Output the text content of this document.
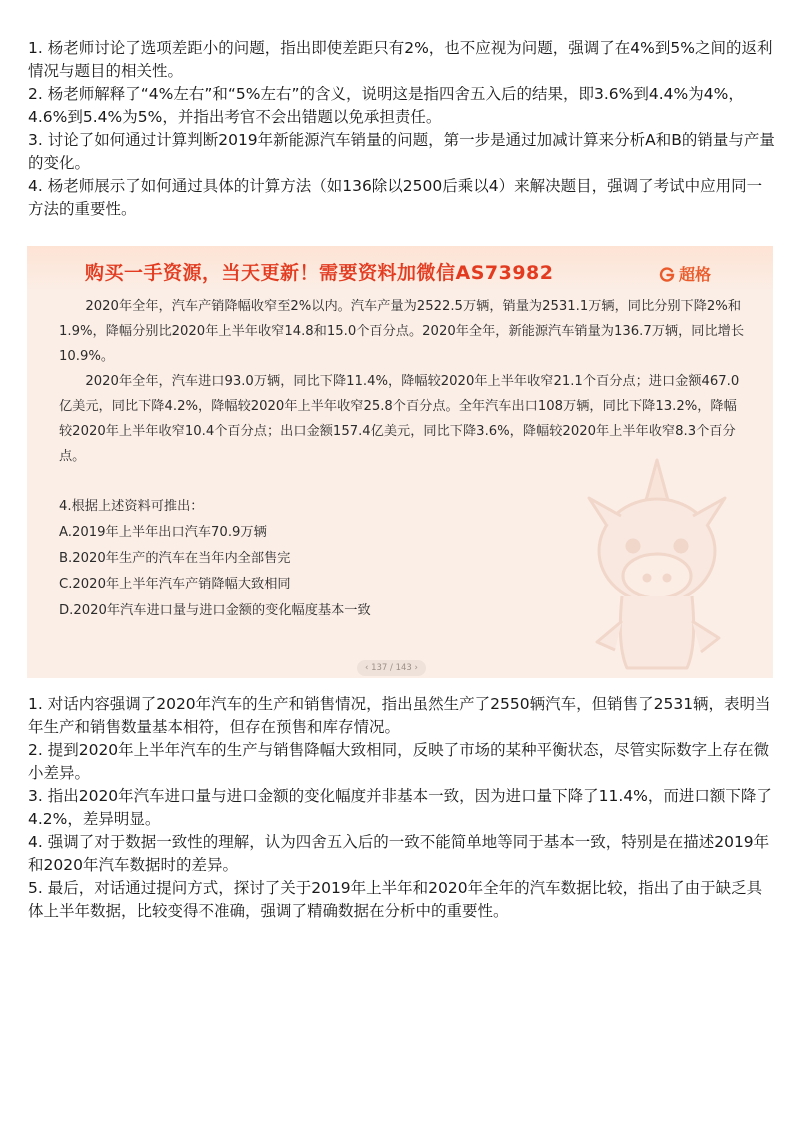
1. 杨老师讨论了选项差距小的问题，指出即使差距只有2%，也不应视为问题，强调了在4%到5%之间的返利情况与题目的相关性。

2. 杨老师解释了“4%左右”和“5%左右”的含义，说明这是指四舍五入后的结果，即3.6%到4.4%为4%，4.6%到5.4%为5%，并指出考官不会出错题以免承担责任。

3. 讨论了如何通过计算判断2019年新能源汽车销量的问题，第一步是通过加减计算来分析A和B的销量与产量的变化。

4. 杨老师展示了如何通过具体的计算方法（如136除以2500后乘以4）来解决题目，强调了考试中应用同一方法的重要性。

购买一手资源，当天更新！需要资料加微信AS73982	超格

2020年全年，汽车产销降幅收窄至2%以内。汽车产量为2522.5万辆，销量为2531.1万辆，同比分别下降2%和1.9%，降幅分别比2020年上半年收窄14.8和15.0个百分点。2020年全年，新能源汽车销量为136.7万辆，同比增长10.9%。

2020年全年，汽车进口93.0万辆，同比下降11.4%，降幅较2020年上半年收窄21.1个百分点；进口金额467.0亿美元，同比下降4.2%，降幅较2020年上半年收窄25.8个百分点。全年汽车出口108万辆，同比下降13.2%，降幅较2020年上半年收窄10.4个百分点；出口金额157.4亿美元，同比下降3.6%，降幅较2020年上半年收窄8.3个百分点。

4.根据上述资料可推出：
A.2019年上半年出口汽车70.9万辆
B.2020年生产的汽车在当年内全部售完
C.2020年上半年汽车产销降幅大致相同
D.2020年汽车进口量与进口金额的变化幅度基本一致
‹ 137 / 143 ›

1. 对话内容强调了2020年汽车的生产和销售情况，指出虽然生产了2550辆汽车，但销售了2531辆，表明当年生产和销售数量基本相符，但存在预售和库存情况。

2. 提到2020年上半年汽车的生产与销售降幅大致相同，反映了市场的某种平衡状态，尽管实际数字上存在微小差异。

3. 指出2020年汽车进口量与进口金额的变化幅度并非基本一致，因为进口量下降了11.4%，而进口额下降了4.2%，差异明显。

4. 强调了对于数据一致性的理解，认为四舍五入后的一致不能简单地等同于基本一致，特别是在描述2019年和2020年汽车数据时的差异。

5. 最后，对话通过提问方式，探讨了关于2019年上半年和2020年全年的汽车数据比较，指出了由于缺乏具体上半年数据，比较变得不准确，强调了精确数据在分析中的重要性。
